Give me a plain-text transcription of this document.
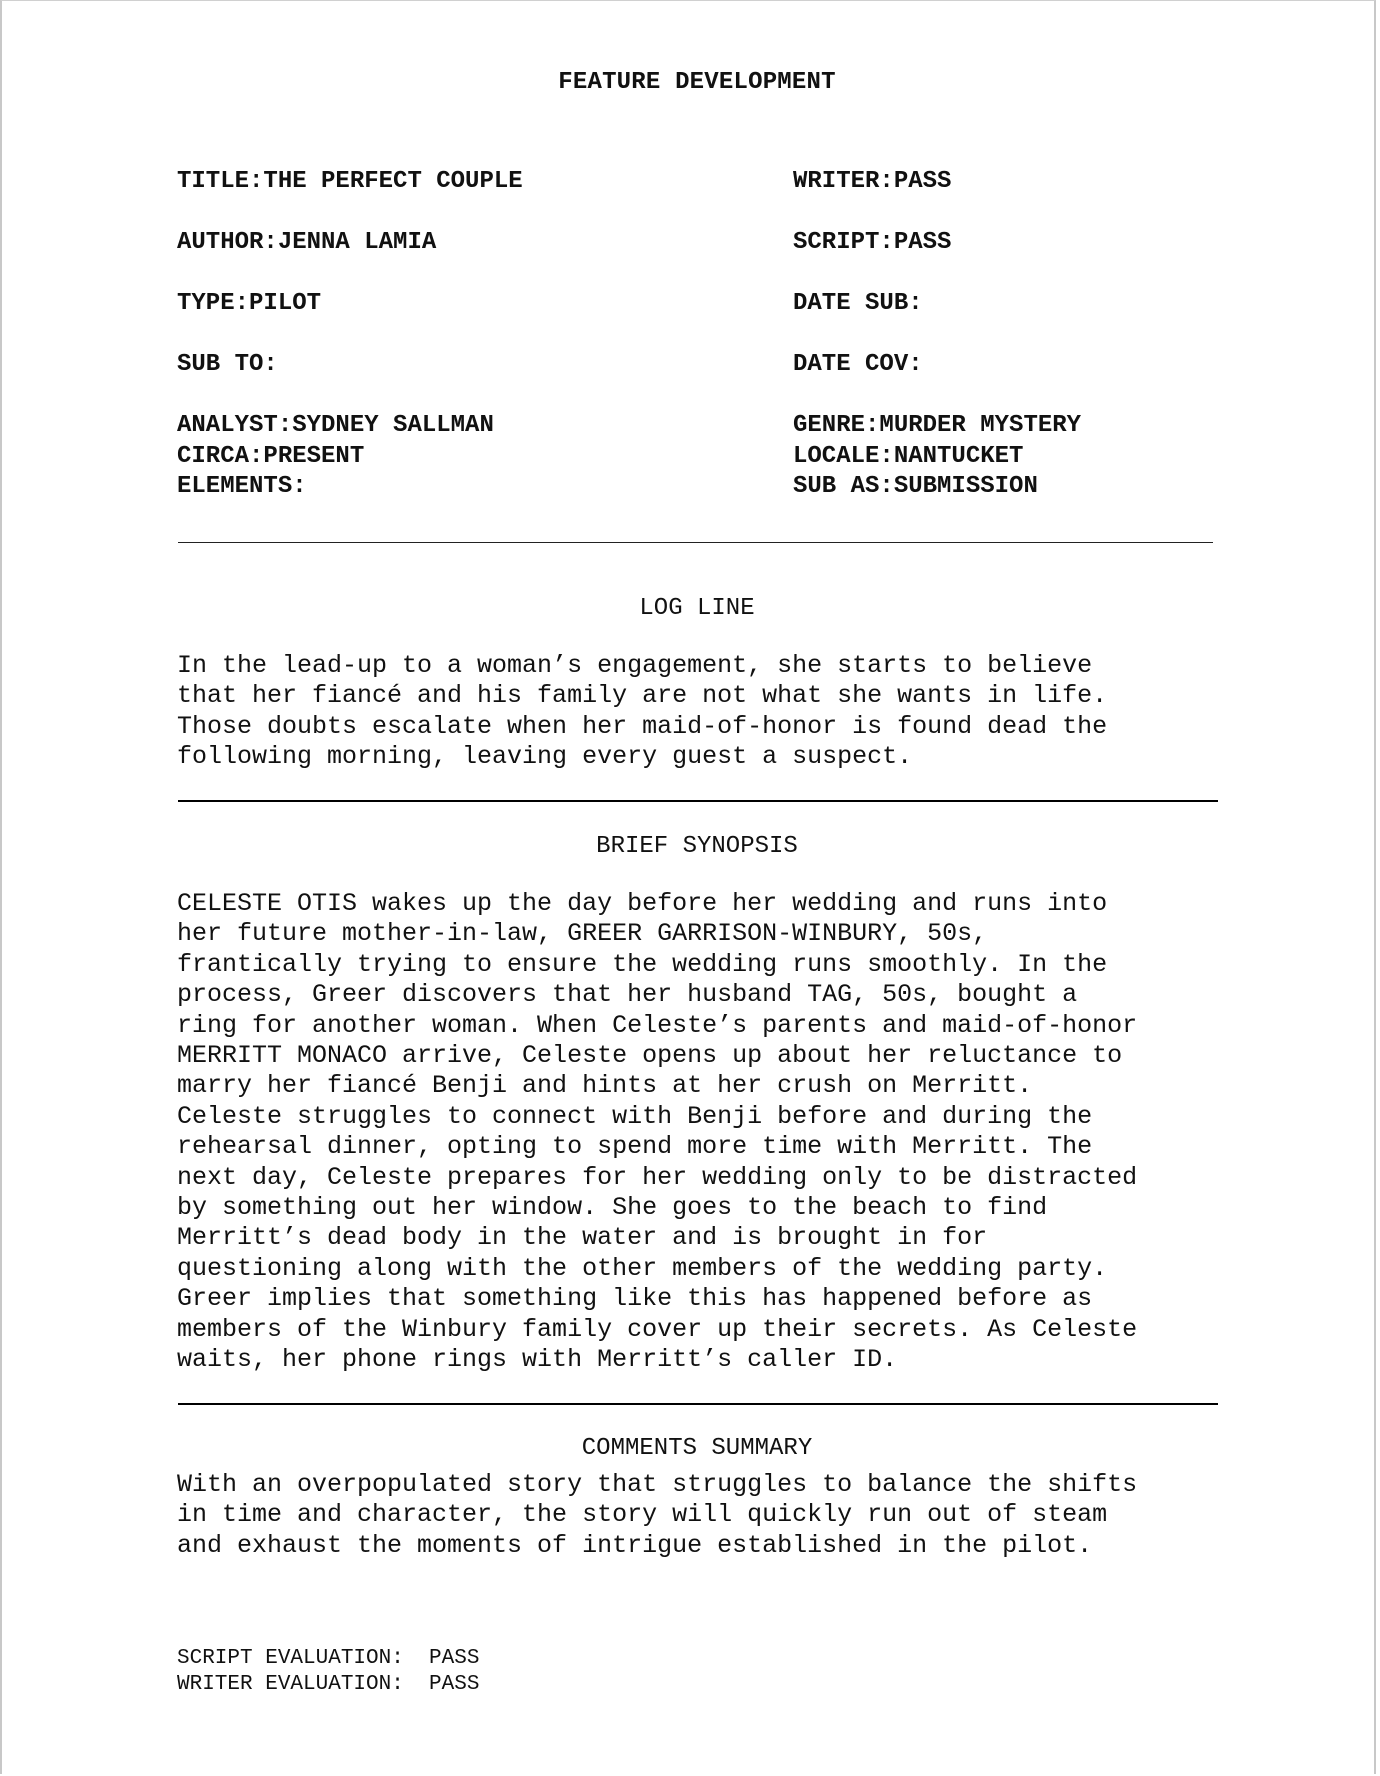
FEATURE DEVELOPMENT
TITLE:THE PERFECT COUPLE
AUTHOR:JENNA LAMIA
TYPE:PILOT
SUB TO:
ANALYST:SYDNEY SALLMAN
CIRCA:PRESENT
ELEMENTS:
WRITER:PASS
SCRIPT:PASS
DATE SUB:
DATE COV:
GENRE:MURDER MYSTERY
LOCALE:NANTUCKET
SUB AS:SUBMISSION
LOG LINE
In the lead-up to a woman’s engagement, she starts to believe
that her fiancé and his family are not what she wants in life.
Those doubts escalate when her maid-of-honor is found dead the
following morning, leaving every guest a suspect.
BRIEF SYNOPSIS
CELESTE OTIS wakes up the day before her wedding and runs into
her future mother-in-law, GREER GARRISON-WINBURY, 50s,
frantically trying to ensure the wedding runs smoothly. In the
process, Greer discovers that her husband TAG, 50s, bought a
ring for another woman. When Celeste’s parents and maid-of-honor
MERRITT MONACO arrive, Celeste opens up about her reluctance to
marry her fiancé Benji and hints at her crush on Merritt.
Celeste struggles to connect with Benji before and during the
rehearsal dinner, opting to spend more time with Merritt. The
next day, Celeste prepares for her wedding only to be distracted
by something out her window. She goes to the beach to find
Merritt’s dead body in the water and is brought in for
questioning along with the other members of the wedding party.
Greer implies that something like this has happened before as
members of the Winbury family cover up their secrets. As Celeste
waits, her phone rings with Merritt’s caller ID.
COMMENTS SUMMARY
With an overpopulated story that struggles to balance the shifts
in time and character, the story will quickly run out of steam
and exhaust the moments of intrigue established in the pilot.
SCRIPT EVALUATION:  PASS
WRITER EVALUATION:  PASS
